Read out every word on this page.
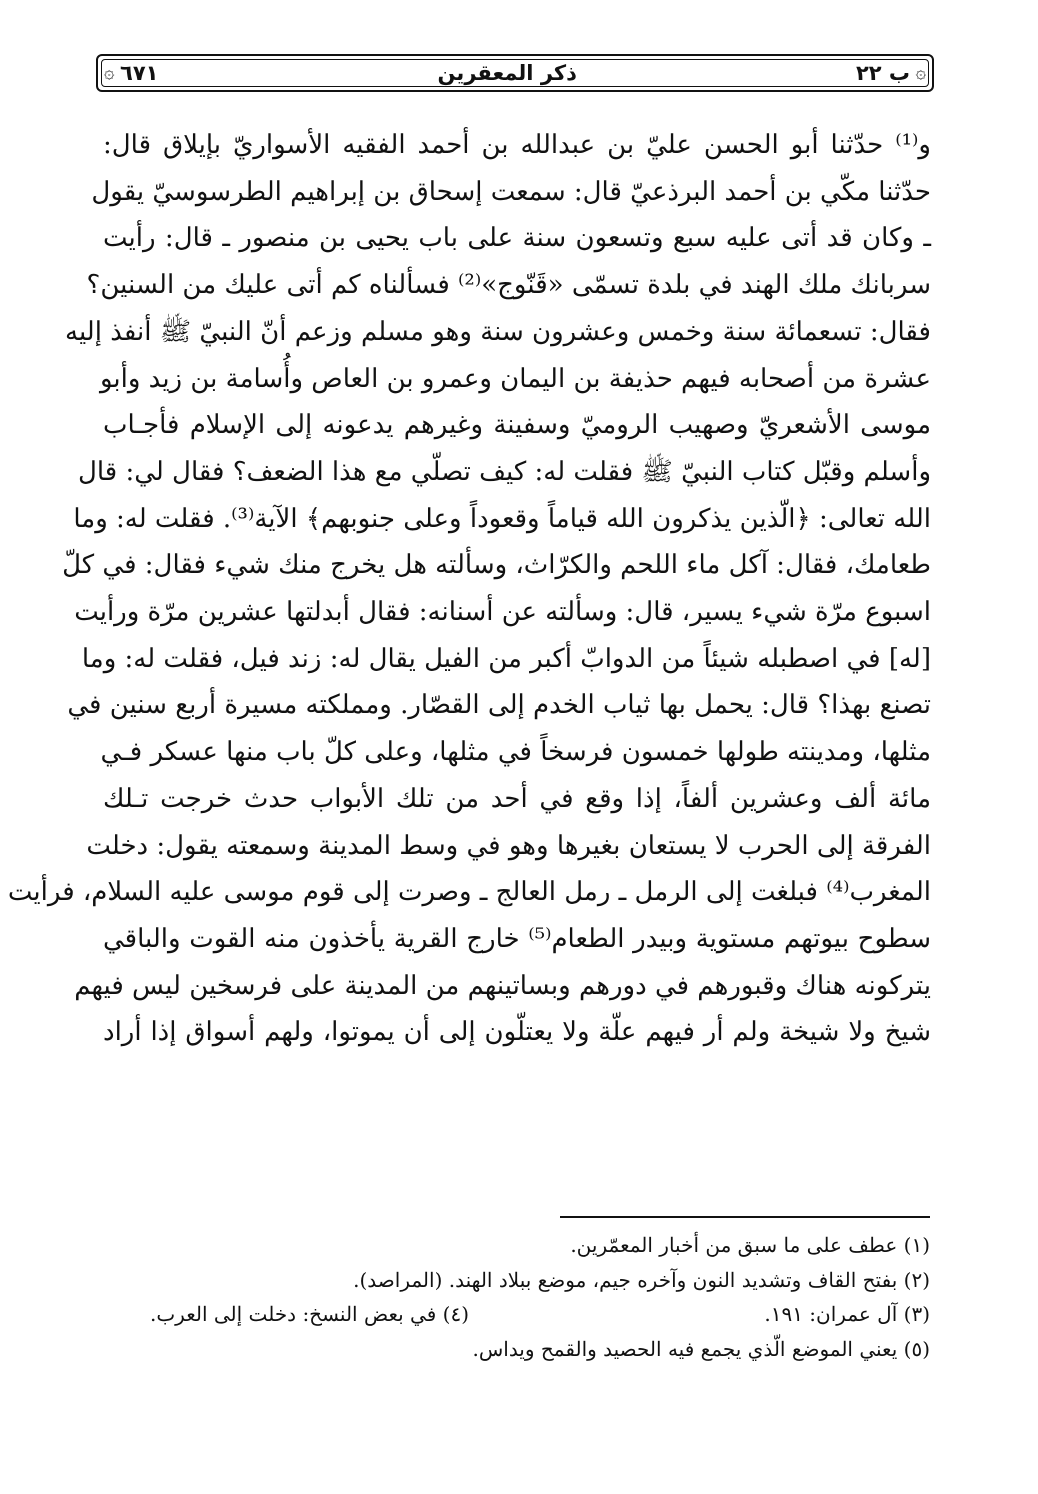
۞
ب ٢٢
ذكر المعقرين
٦٧١
۞
و⁽¹⁾ حدّثنا أبو الحسن عليّ بن عبدالله بن أحمد الفقيه الأسواريّ بإيلاق قال:
حدّثنا مكّي بن أحمد البرذعيّ قال: سمعت إسحاق بن إبراهيم الطرسوسيّ يقول
ـ وكان قد أتى عليه سبع وتسعون سنة على باب يحيى بن منصور ـ قال: رأيت
سربانك ملك الهند في بلدة تسمّى «قَنّوج»⁽²⁾ فسألناه كم أتى عليك من السنين؟
فقال: تسعمائة سنة وخمس وعشرون سنة وهو مسلم وزعم أنّ النبيّ ﷺ أنفذ إليه
عشرة من أصحابه فيهم حذيفة بن اليمان وعمرو بن العاص وأُسامة بن زيد وأبو
موسى الأشعريّ وصهيب الروميّ وسفينة وغيرهم يدعونه إلى الإسلام فأجـاب
وأسلم وقبّل كتاب النبيّ ﷺ فقلت له: كيف تصلّي مع هذا الضعف؟ فقال لي: قال
الله تعالى: ﴿الّذين يذكرون الله قياماً وقعوداً وعلى جنوبهم﴾ الآية⁽³⁾. فقلت له: وما
طعامك، فقال: آكل ماء اللحم والكرّاث، وسألته هل يخرج منك شيء فقال: في كلّ
اسبوع مرّة شيء يسير، قال: وسألته عن أسنانه: فقال أبدلتها عشرين مرّة ورأيت
[له] في اصطبله شيئاً من الدوابّ أكبر من الفيل يقال له: زند فيل، فقلت له: وما
تصنع بهذا؟ قال: يحمل بها ثياب الخدم إلى القصّار. ومملكته مسيرة أربع سنين في
مثلها، ومدينته طولها خمسون فرسخاً في مثلها، وعلى كلّ باب منها عسكر فـي
مائة ألف وعشرين ألفاً، إذا وقع في أحد من تلك الأبواب حدث خرجت تـلك
الفرقة إلى الحرب لا يستعان بغيرها وهو في وسط المدينة وسمعته يقول: دخلت
المغرب⁽⁴⁾ فبلغت إلى الرمل ـ رمل العالج ـ وصرت إلى قوم موسى عليه السلام، فرأيت
سطوح بيوتهم مستوية وبيدر الطعام⁽⁵⁾ خارج القرية يأخذون منه القوت والباقي
يتركونه هناك وقبورهم في دورهم وبساتينهم من المدينة على فرسخين ليس فيهم
شيخ ولا شيخة ولم أر فيهم علّة ولا يعتلّون إلى أن يموتوا، ولهم أسواق إذا أراد
(١) عطف على ما سبق من أخبار المعمّرين.
(٢) بفتح القاف وتشديد النون وآخره جيم، موضع ببلاد الهند. (المراصد).
(٣) آل عمران: ١٩١.
(٤) في بعض النسخ: دخلت إلى العرب.
(٥) يعني الموضع الّذي يجمع فيه الحصيد والقمح ويداس.
